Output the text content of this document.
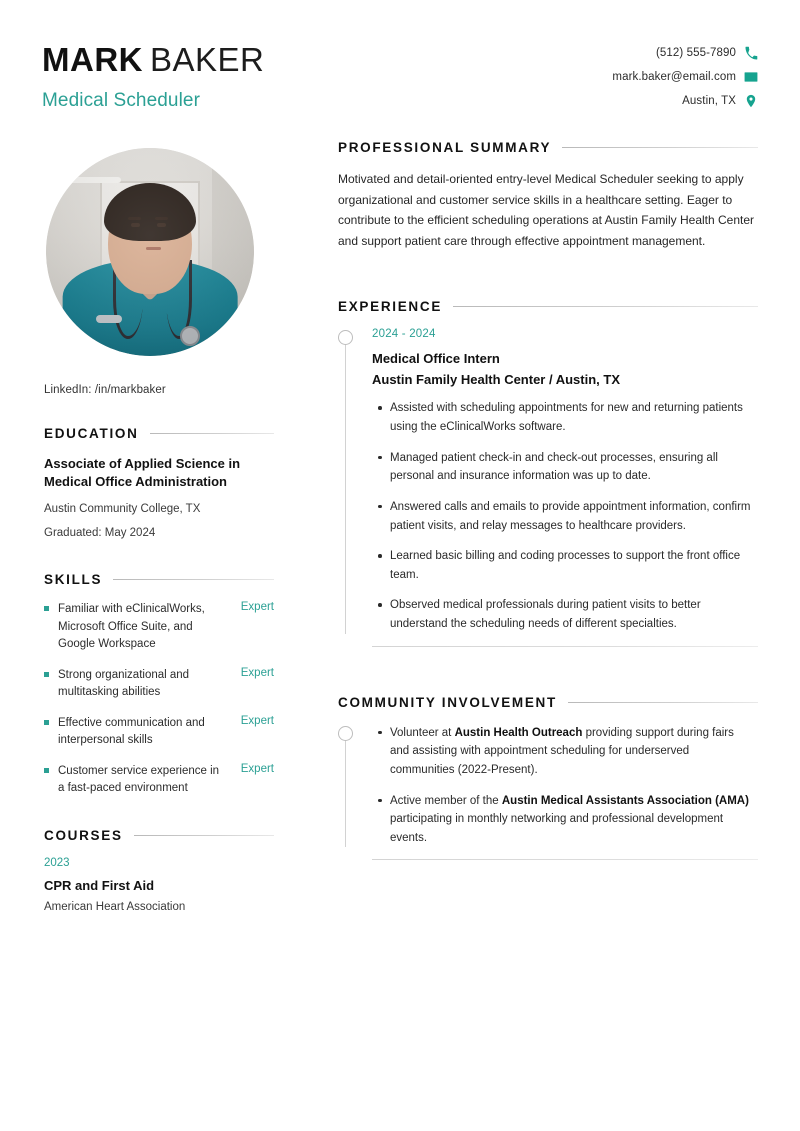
MARK BAKER
Medical Scheduler
(512) 555-7890
mark.baker@email.com
Austin, TX
LinkedIn: /in/markbaker
EDUCATION
Associate of Applied Science in Medical Office Administration
Austin Community College, TX
Graduated: May 2024
SKILLS
Familiar with eClinicalWorks, Microsoft Office Suite, and Google Workspace
Expert
Strong organizational and multitasking abilities
Expert
Effective communication and interpersonal skills
Expert
Customer service experience in a fast-paced environment
Expert
COURSES
2023
CPR and First Aid
American Heart Association
PROFESSIONAL SUMMARY
Motivated and detail-oriented entry-level Medical Scheduler seeking to apply organizational and customer service skills in a healthcare setting. Eager to contribute to the efficient scheduling operations at Austin Family Health Center and support patient care through effective appointment management.
EXPERIENCE
2024 - 2024
Medical Office Intern
Austin Family Health Center / Austin, TX
Assisted with scheduling appointments for new and returning patients using the eClinicalWorks software.
Managed patient check-in and check-out processes, ensuring all personal and insurance information was up to date.
Answered calls and emails to provide appointment information, confirm patient visits, and relay messages to healthcare providers.
Learned basic billing and coding processes to support the front office team.
Observed medical professionals during patient visits to better understand the scheduling needs of different specialties.
COMMUNITY INVOLVEMENT
Volunteer at Austin Health Outreach providing support during fairs and assisting with appointment scheduling for underserved communities (2022-Present).
Active member of the Austin Medical Assistants Association (AMA) participating in monthly networking and professional development events.
